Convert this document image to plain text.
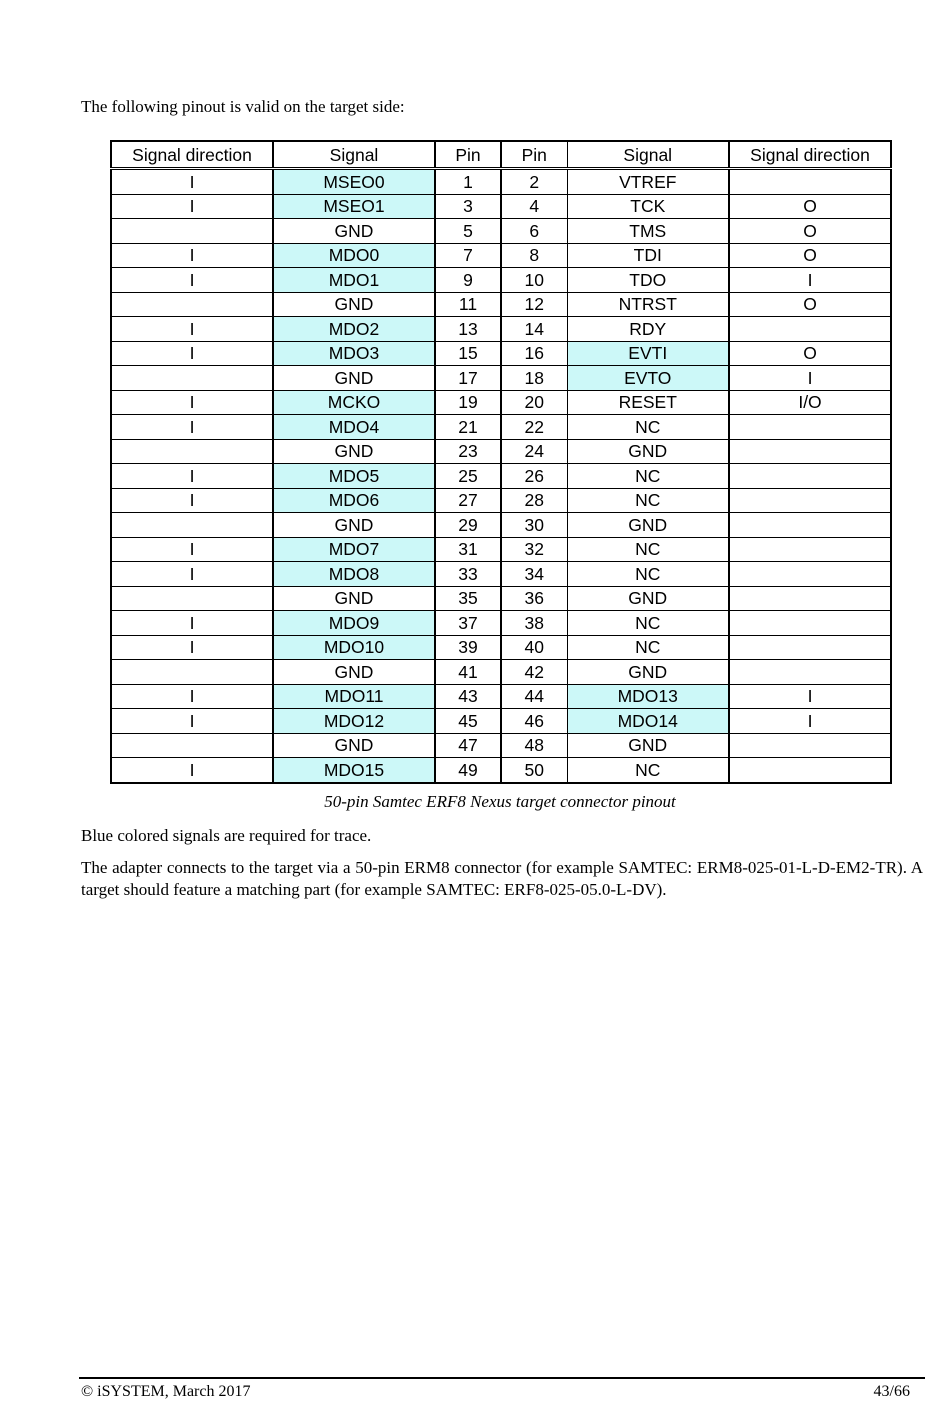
The following pinout is valid on the target side:

Signal direction	Signal	Pin	Pin	Signal	Signal direction
I	MSEO0	1	2	VTREF	
I	MSEO1	3	4	TCK	O
	GND	5	6	TMS	O
I	MDO0	7	8	TDI	O
I	MDO1	9	10	TDO	I
	GND	11	12	NTRST	O
I	MDO2	13	14	RDY	
I	MDO3	15	16	EVTI	O
	GND	17	18	EVTO	I
I	MCKO	19	20	RESET	I/O
I	MDO4	21	22	NC	
	GND	23	24	GND	
I	MDO5	25	26	NC	
I	MDO6	27	28	NC	
	GND	29	30	GND	
I	MDO7	31	32	NC	
I	MDO8	33	34	NC	
	GND	35	36	GND	
I	MDO9	37	38	NC	
I	MDO10	39	40	NC	
	GND	41	42	GND	
I	MDO11	43	44	MDO13	I
I	MDO12	45	46	MDO14	I
	GND	47	48	GND	
I	MDO15	49	50	NC	

50-pin Samtec ERF8 Nexus target connector pinout

Blue colored signals are required for trace.

The adapter connects to the target via a 50-pin ERM8 connector (for example SAMTEC: ERM8-025-01-L-D-EM2-TR). A target should feature a matching part (for example SAMTEC: ERF8-025-05.0-L-DV).

© iSYSTEM, March 2017	43/66
